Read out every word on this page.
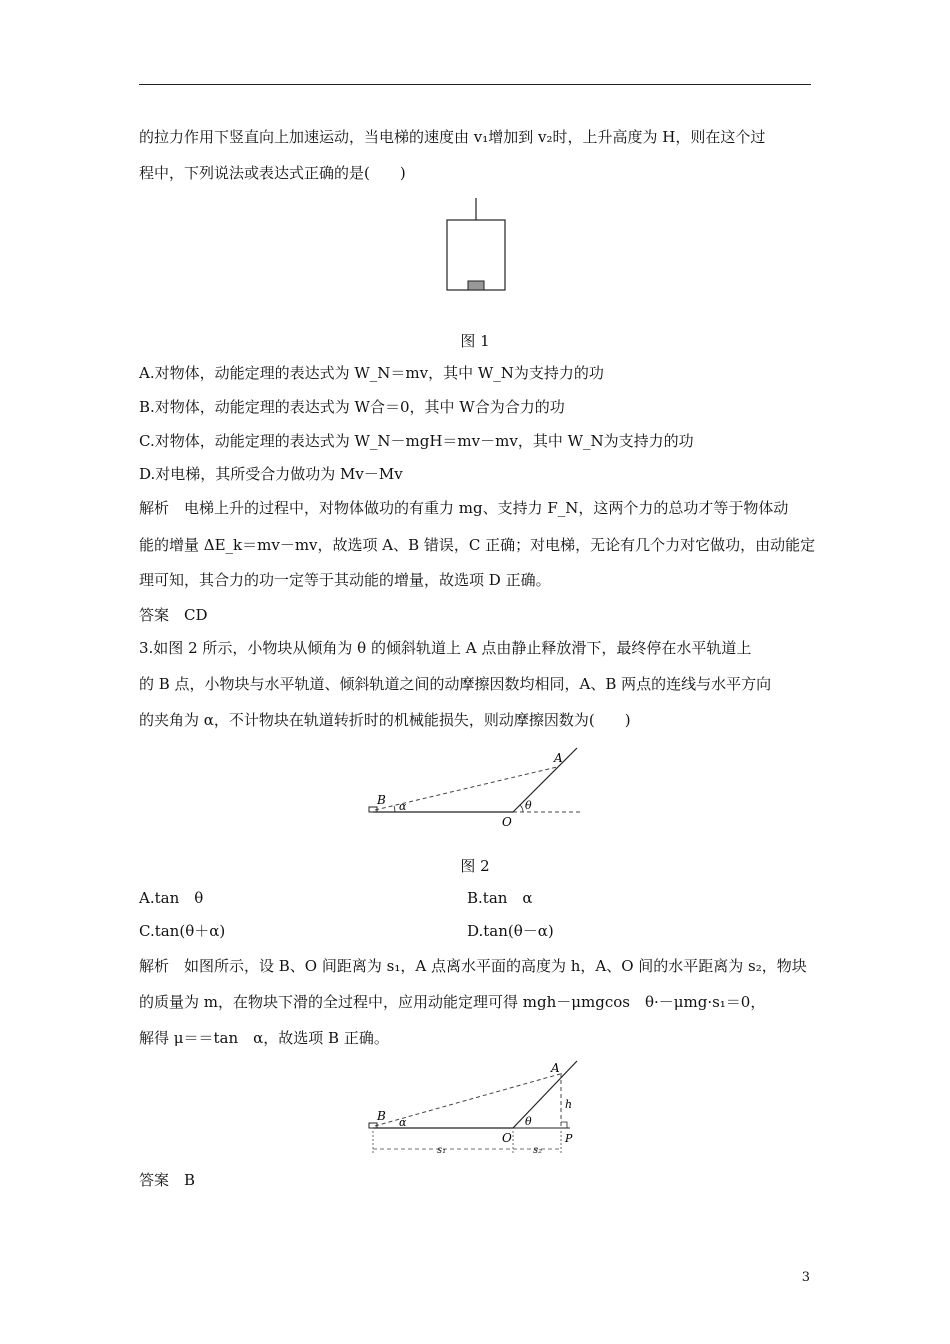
的拉力作用下竖直向上加速运动，当电梯的速度由 v₁增加到 v₂时，上升高度为 H，则在这个过
程中，下列说法或表达式正确的是(　　)
图 1
A.对物体，动能定理的表达式为 W_N＝mv，其中 W_N为支持力的功
B.对物体，动能定理的表达式为 W合＝0，其中 W合为合力的功
C.对物体，动能定理的表达式为 W_N－mgH＝mv－mv，其中 W_N为支持力的功
D.对电梯，其所受合力做功为 Mv－Mv
解析　电梯上升的过程中，对物体做功的有重力 mg、支持力 F_N，这两个力的总功才等于物体动
能的增量 ΔE_k＝mv－mv，故选项 A、B 错误，C 正确；对电梯，无论有几个力对它做功，由动能定
理可知，其合力的功一定等于其动能的增量，故选项 D 正确。
答案　CD
3.如图 2 所示，小物块从倾角为 θ 的倾斜轨道上 A 点由静止释放滑下，最终停在水平轨道上
的 B 点，小物块与水平轨道、倾斜轨道之间的动摩擦因数均相同，A、B 两点的连线与水平方向
的夹角为 α，不计物块在轨道转折时的机械能损失，则动摩擦因数为(　　)
A
B
O
θ
α
图 2
A.tan　θ	B.tan　α
C.tan(θ＋α)	D.tan(θ－α)
解析　如图所示，设 B、O 间距离为 s₁，A 点离水平面的高度为 h，A、O 间的水平距离为 s₂，物块
的质量为 m，在物块下滑的全过程中，应用动能定理可得 mgh－μmgcos　θ·－μmg·s₁＝0，
解得 μ＝＝tan　α，故选项 B 正确。
A
B
O	P
h
θ
α
s₁	s₂
答案　B
3
